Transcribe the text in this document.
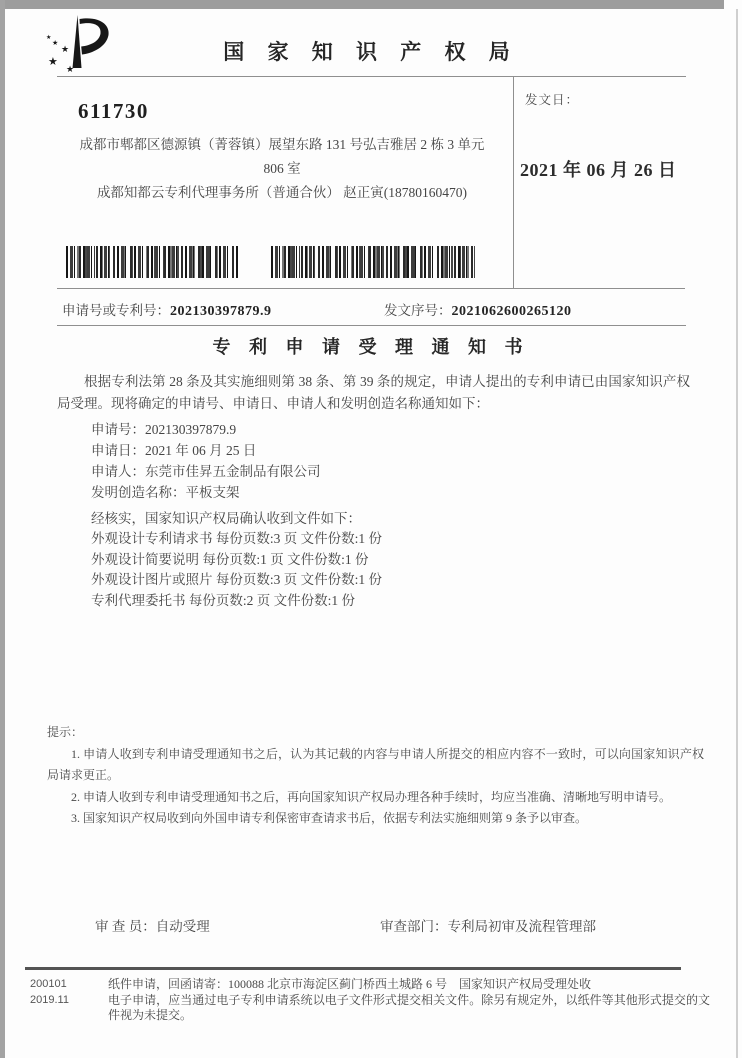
★
★
★
★
★
国 家 知 识 产 权 局
发文日：
2021 年 06 月 26 日
611730
成都市郫都区德源镇（菁蓉镇）展望东路 131 号弘吉雅居 2 栋 3 单元
806 室
成都知都云专利代理事务所（普通合伙） 赵正寅(18780160470)
申请号或专利号：202130397879.9	发文序号：2021062600265120
专 利 申 请 受 理 通 知 书
根据专利法第 28 条及其实施细则第 38 条、第 39 条的规定，申请人提出的专利申请已由国家知识产权局受理。现将确定的申请号、申请日、申请人和发明创造名称通知如下：
申请号：202130397879.9
申请日：2021 年 06 月 25 日
申请人：东莞市佳昇五金制品有限公司
发明创造名称：平板支架
经核实，国家知识产权局确认收到文件如下：
外观设计专利请求书 每份页数:3 页 文件份数:1 份
外观设计简要说明 每份页数:1 页 文件份数:1 份
外观设计图片或照片 每份页数:3 页 文件份数:1 份
专利代理委托书 每份页数:2 页 文件份数:1 份
提示：
1. 申请人收到专利申请受理通知书之后，认为其记载的内容与申请人所提交的相应内容不一致时，可以向国家知识产权局请求更正。
2. 申请人收到专利申请受理通知书之后，再向国家知识产权局办理各种手续时，均应当准确、清晰地写明申请号。
3. 国家知识产权局收到向外国申请专利保密审查请求书后，依据专利法实施细则第 9 条予以审查。
审 查 员：自动受理	审查部门：专利局初审及流程管理部
200101
2019.11
纸件申请，回函请寄：100088 北京市海淀区蓟门桥西土城路 6 号　国家知识产权局受理处收
电子申请，应当通过电子专利申请系统以电子文件形式提交相关文件。除另有规定外，以纸件等其他形式提交的文件视为未提交。
